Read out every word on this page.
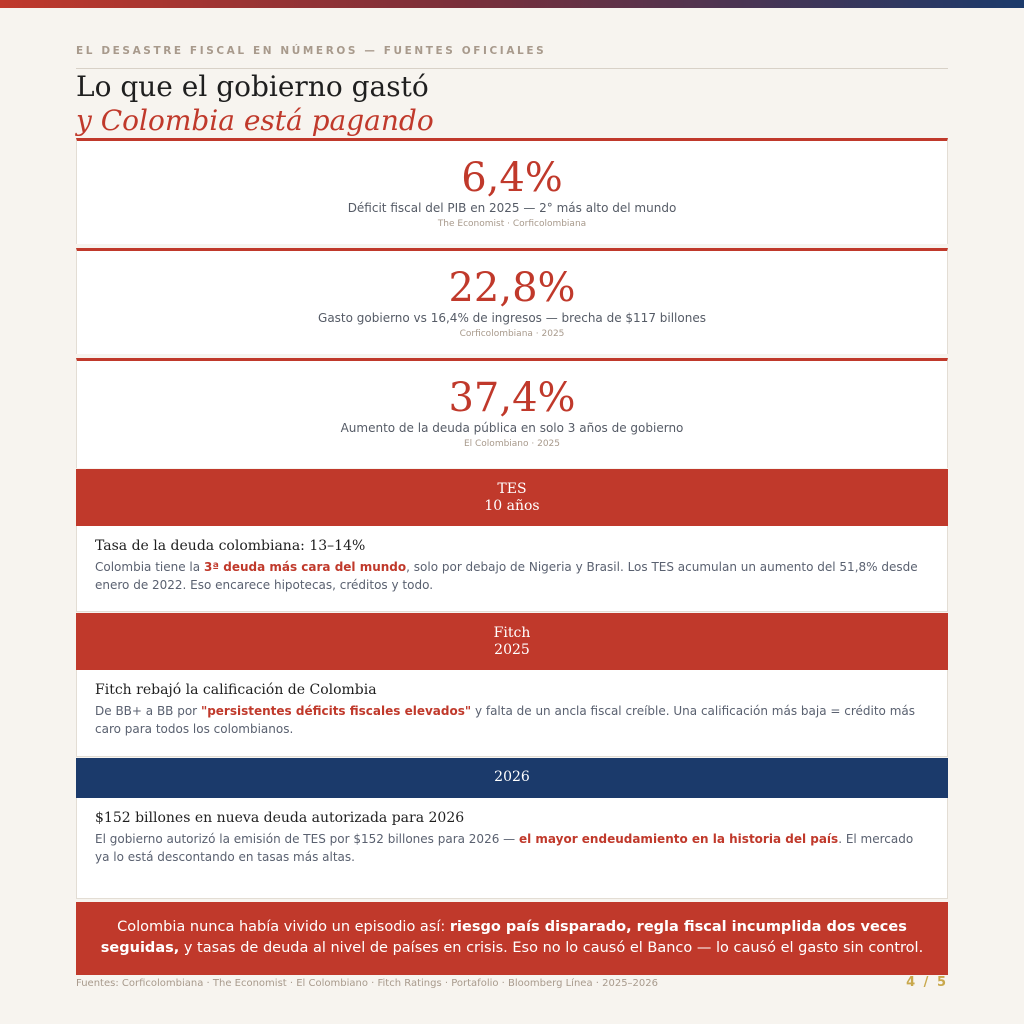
EL DESASTRE FISCAL EN NÚMEROS — FUENTES OFICIALES
Lo que el gobierno gastó
y Colombia está pagando
6,4%
Déficit fiscal del PIB en 2025 — 2° más alto del mundo
The Economist · Corficolombiana
22,8%
Gasto gobierno vs 16,4% de ingresos — brecha de $117 billones
Corficolombiana · 2025
37,4%
Aumento de la deuda pública en solo 3 años de gobierno
El Colombiano · 2025
TES
10 años
Tasa de la deuda colombiana: 13–14%
Colombia tiene la 3ª deuda más cara del mundo, solo por debajo de Nigeria y Brasil. Los TES acumulan un aumento del 51,8% desde enero de 2022. Eso encarece hipotecas, créditos y todo.
Fitch
2025
Fitch rebajó la calificación de Colombia
De BB+ a BB por "persistentes déficits fiscales elevados" y falta de un ancla fiscal creíble. Una calificación más baja = crédito más caro para todos los colombianos.
2026
$152 billones en nueva deuda autorizada para 2026
El gobierno autorizó la emisión de TES por $152 billones para 2026 — el mayor endeudamiento en la historia del país. El mercado ya lo está descontando en tasas más altas.
Colombia nunca había vivido un episodio así: riesgo país disparado, regla fiscal incumplida dos veces seguidas, y tasas de deuda al nivel de países en crisis. Eso no lo causó el Banco — lo causó el gasto sin control.
Fuentes: Corficolombiana · The Economist · El Colombiano · Fitch Ratings · Portafolio · Bloomberg Línea · 2025–2026	4 / 5
